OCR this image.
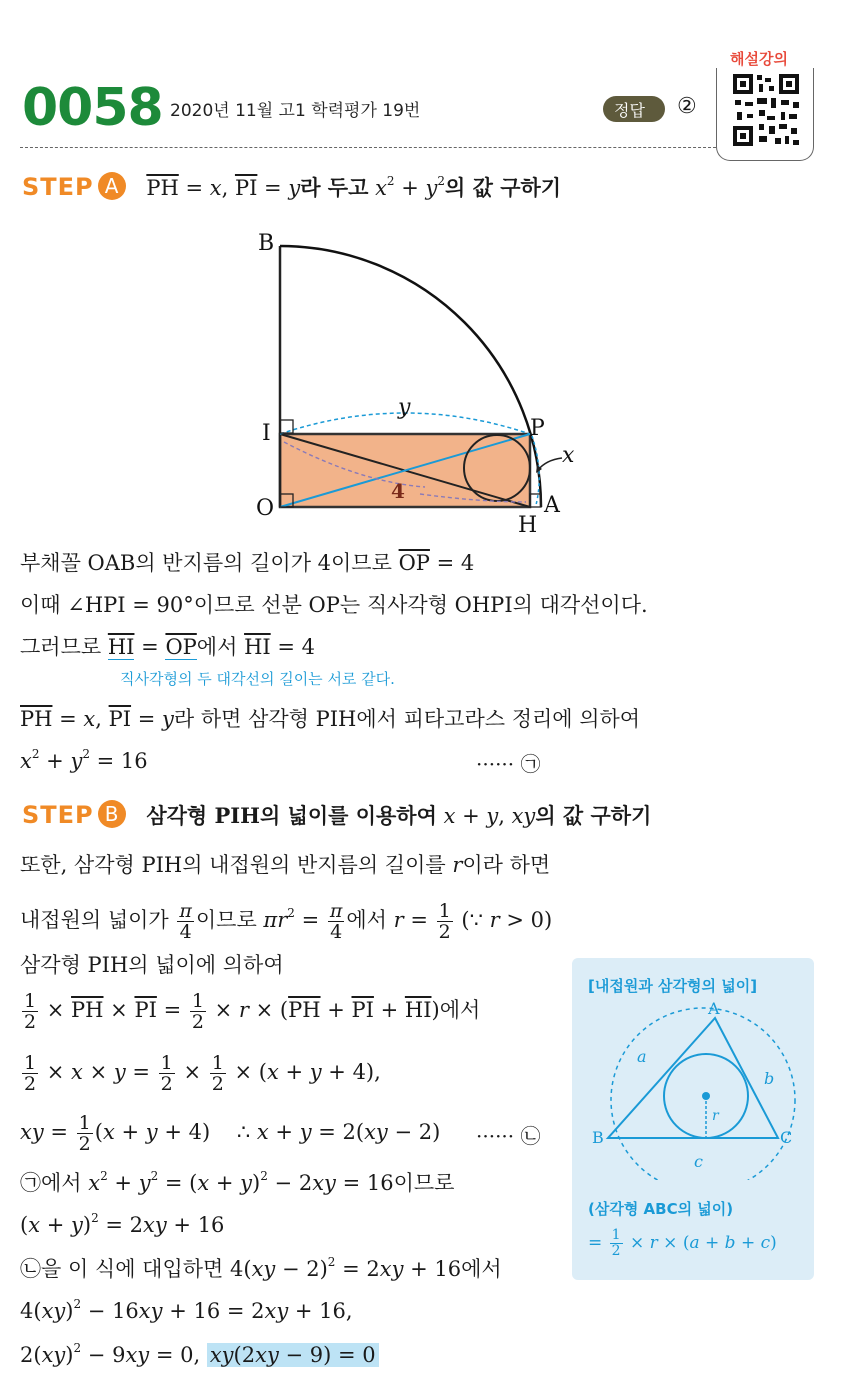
0058 2020년 11월 고1 학력평가 19번	정답 ②
해설강의
STEP A $\overline{PH} = x$, $\overline{PI} = y$라 두고 $x^2 + y^2$의 값 구하기
B
I
O
P
A
H
y
x
4
부채꼴 OAB의 반지름의 길이가 4이므로 $\overline{OP} = 4$
이때 ∠HPI = 90°이므로 선분 OP는 직사각형 OHPI의 대각선이다.
그러므로 $\overline{HI} = \overline{OP}$에서 $\overline{HI} = 4$
직사각형의 두 대각선의 길이는 서로 같다.
$\overline{PH} = x$, $\overline{PI} = y$라 하면 삼각형 PIH에서 피타고라스 정리에 의하여
$x^2 + y^2 = 16$	······ ㉠
STEP B 삼각형 PIH의 넓이를 이용하여 x + y, xy의 값 구하기
또한, 삼각형 PIH의 내접원의 반지름의 길이를 r이라 하면
내접원의 넓이가 $\frac{\pi}{4}$ 이므로 $\pi r^2 = \frac{\pi}{4}$ 에서 $r = \frac{1}{2}$ (∵ r > 0)
삼각형 PIH의 넓이에 의하여
$\frac{1}{2} \times \overline{PH} \times \overline{PI} = \frac{1}{2} \times r \times (\overline{PH} + \overline{PI} + \overline{HI})$에서
$\frac{1}{2} \times x \times y = \frac{1}{2} \times \frac{1}{2} \times (x + y + 4)$,
xy = $\frac{1}{2} (x + y + 4)$    ∴ x + y = 2(xy − 2) ······ ㉡
㉠에서 $x^2 + y^2 = (x + y)^2 - 2xy = 16$이므로
$(x + y)^2 = 2xy + 16$
㉡을 이 식에 대입하면 4(xy − 2)$^2$ = 2xy + 16에서
4(xy)$^2$ − 16xy + 16 = 2xy + 16,
2(xy)$^2$ − 9xy = 0, xy(2xy − 9) = 0
[내접원과 삼각형의 넓이]
A
B	C
a
b
c
r
(삼각형 ABC의 넓이)
= $\frac{1}{2} \times r \times (a + b + c)$
